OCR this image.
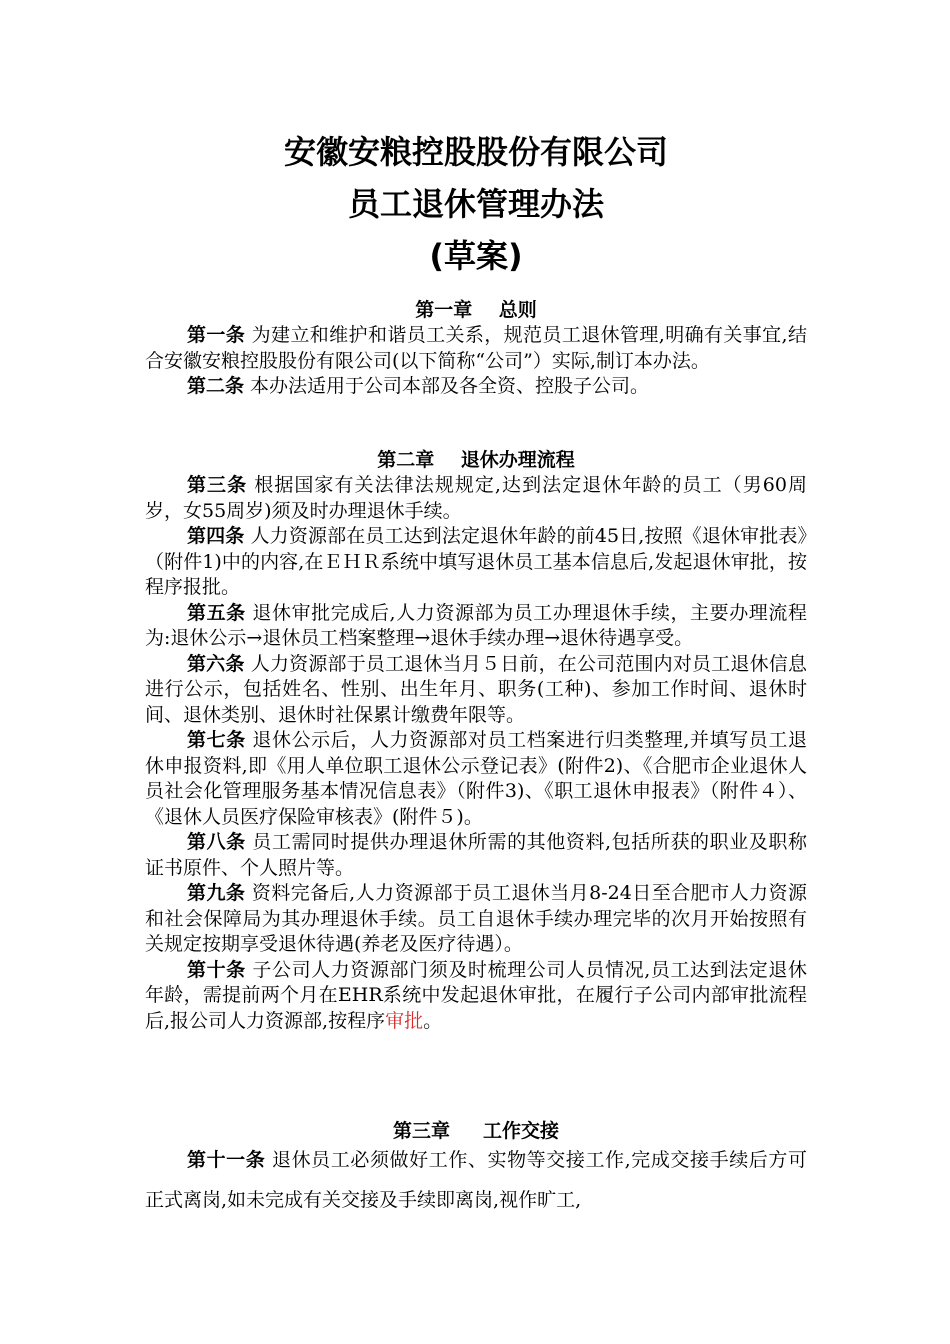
安徽安粮控股股份有限公司

员工退休管理办法

(草案)

第一章    总则

第一条 为建立和维护和谐员工关系，规范员工退休管理,明确有关事宜,结合安徽安粮控股股份有限公司(以下简称“公司”）实际,制订本办法。

第二条 本办法适用于公司本部及各全资、控股子公司。

第二章    退休办理流程

第三条 根据国家有关法律法规规定,达到法定退休年龄的员工（男60周岁，女55周岁)须及时办理退休手续。

第四条 人力资源部在员工达到法定退休年龄的前45日,按照《退休审批表》（附件1)中的内容,在ＥＨＲ系统中填写退休员工基本信息后,发起退休审批，按程序报批。

第五条 退休审批完成后,人力资源部为员工办理退休手续，主要办理流程为:退休公示→退休员工档案整理→退休手续办理→退休待遇享受。

第六条 人力资源部于员工退休当月５日前，在公司范围内对员工退休信息进行公示，包括姓名、性别、出生年月、职务(工种)、参加工作时间、退休时间、退休类别、退休时社保累计缴费年限等。

第七条 退休公示后，人力资源部对员工档案进行归类整理,并填写员工退休申报资料,即《用人单位职工退休公示登记表》(附件2)、《合肥市企业退休人员社会化管理服务基本情况信息表》（附件3)、《职工退休申报表》（附件４）、《退休人员医疗保险审核表》(附件５)。

第八条 员工需同时提供办理退休所需的其他资料,包括所获的职业及职称证书原件、个人照片等。

第九条 资料完备后,人力资源部于员工退休当月8-24日至合肥市人力资源和社会保障局为其办理退休手续。员工自退休手续办理完毕的次月开始按照有关规定按期享受退休待遇(养老及医疗待遇）。

第十条 子公司人力资源部门须及时梳理公司人员情况,员工达到法定退休年龄，需提前两个月在EHR系统中发起退休审批，在履行子公司内部审批流程后,报公司人力资源部,按程序审批。

第三章     工作交接

第十一条 退休员工必须做好工作、实物等交接工作,完成交接手续后方可正式离岗,如未完成有关交接及手续即离岗,视作旷工,
